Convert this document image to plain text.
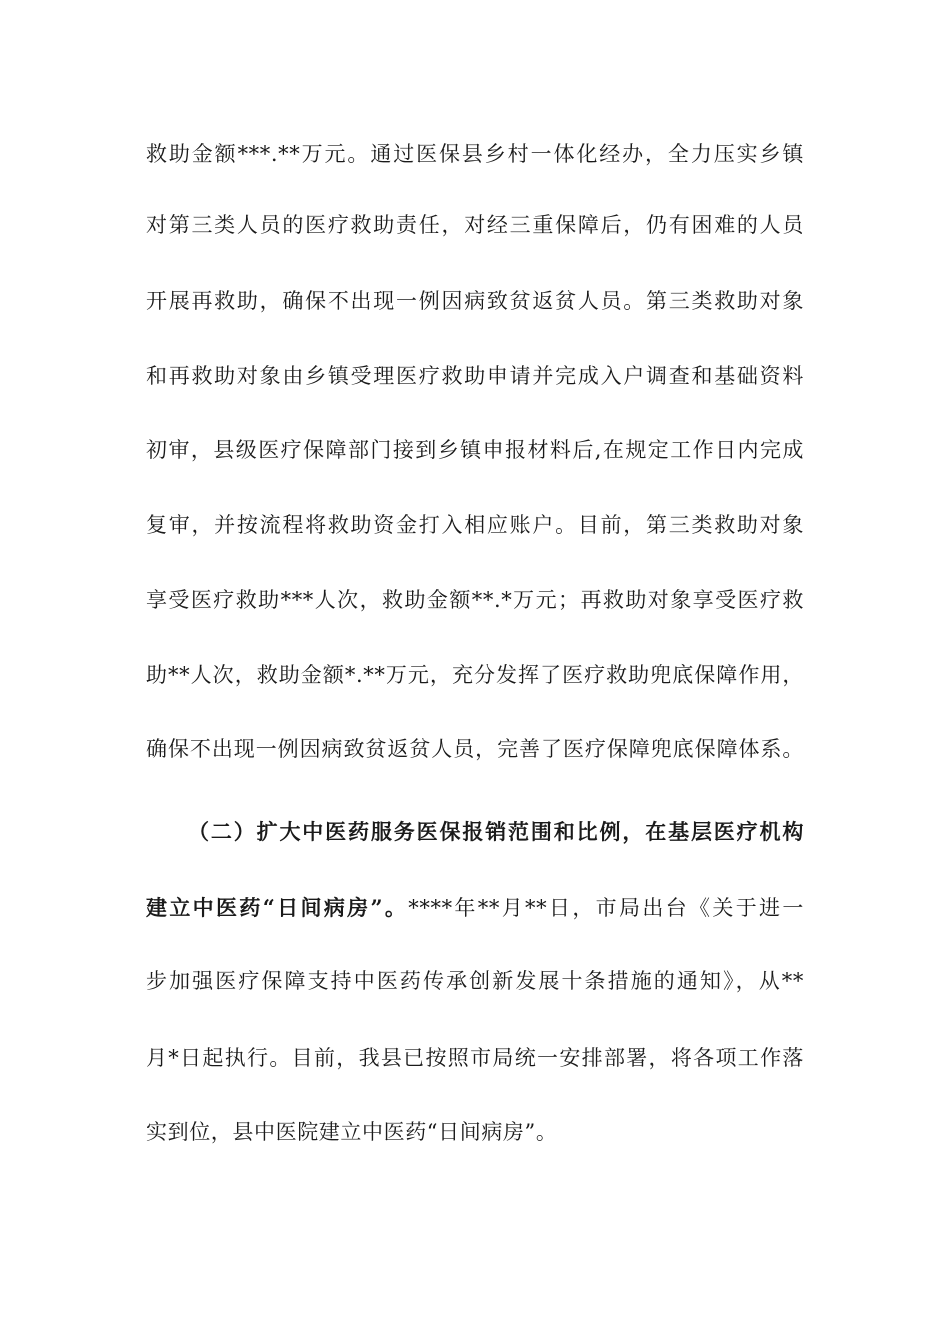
救助金额***.**万元。通过医保县乡村一体化经办，全力压实乡镇
对第三类人员的医疗救助责任，对经三重保障后，仍有困难的人员
开展再救助，确保不出现一例因病致贫返贫人员。第三类救助对象
和再救助对象由乡镇受理医疗救助申请并完成入户调查和基础资料
初审，县级医疗保障部门接到乡镇申报材料后,在规定工作日内完成
复审，并按流程将救助资金打入相应账户。目前，第三类救助对象
享受医疗救助***人次，救助金额**.*万元；再救助对象享受医疗救
助**人次，救助金额*.**万元，充分发挥了医疗救助兜底保障作用，
确保不出现一例因病致贫返贫人员，完善了医疗保障兜底保障体系。
（二）扩大中医药服务医保报销范围和比例，在基层医疗机构
建立中医药“日间病房”。****年**月**日，市局出台《关于进一
步加强医疗保障支持中医药传承创新发展十条措施的通知》，从**
月*日起执行。目前，我县已按照市局统一安排部署，将各项工作落
实到位，县中医院建立中医药“日间病房”。
